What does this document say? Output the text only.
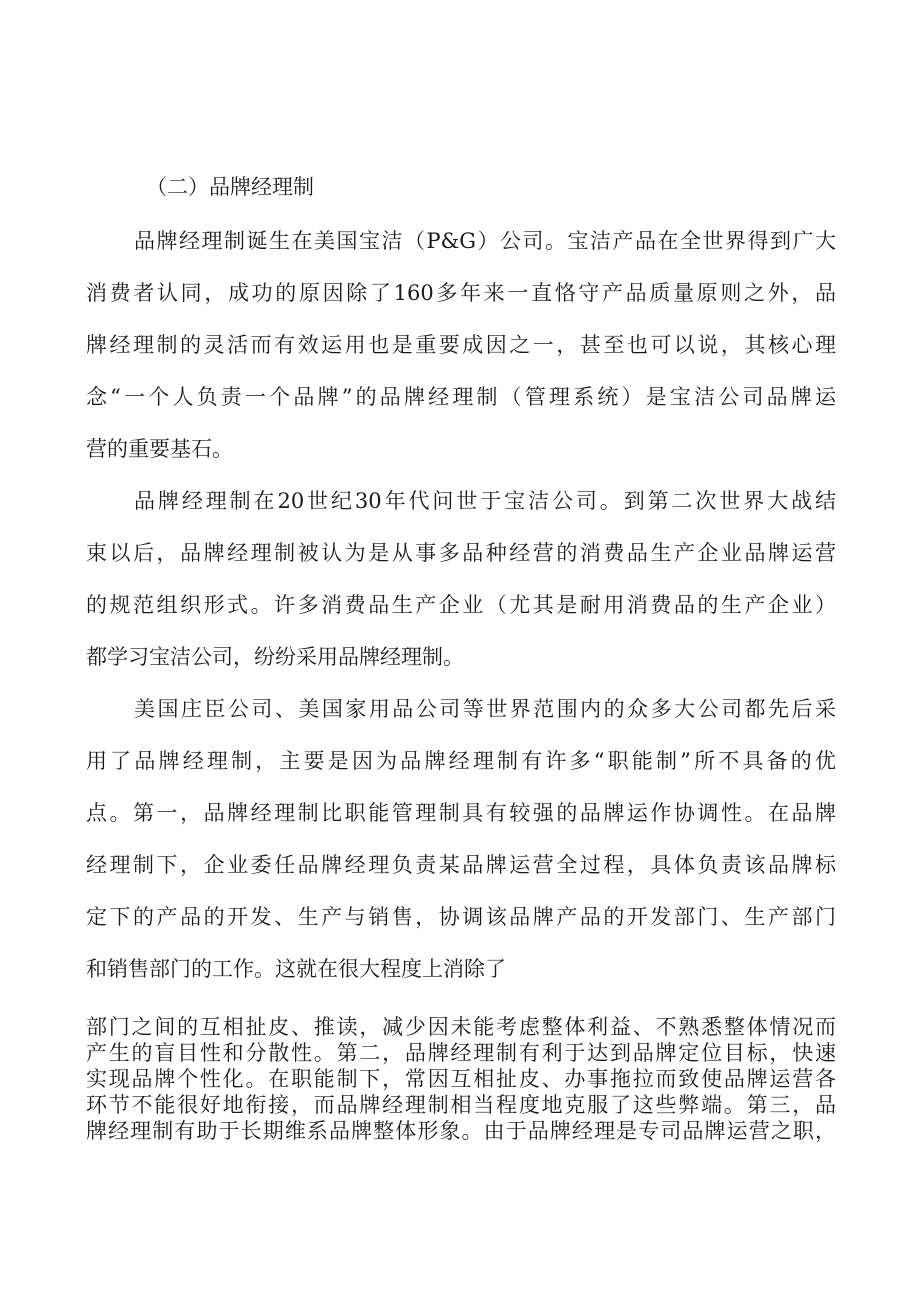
（二）品牌经理制

品牌经理制诞生在美国宝洁（P&G）公司。宝洁产品在全世界得到广大

消费者认同，成功的原因除了160多年来一直恪守产品质量原则之外，品

牌经理制的灵活而有效运用也是重要成因之一，甚至也可以说，其核心理

念“一个人负责一个品牌”的品牌经理制（管理系统）是宝洁公司品牌运

营的重要基石。

品牌经理制在20世纪30年代问世于宝洁公司。到第二次世界大战结

束以后，品牌经理制被认为是从事多品种经营的消费品生产企业品牌运营

的规范组织形式。许多消费品生产企业（尤其是耐用消费品的生产企业）

都学习宝洁公司，纷纷采用品牌经理制。

美国庄臣公司、美国家用品公司等世界范围内的众多大公司都先后采

用了品牌经理制，主要是因为品牌经理制有许多“职能制”所不具备的优

点。第一，品牌经理制比职能管理制具有较强的品牌运作协调性。在品牌

经理制下，企业委任品牌经理负责某品牌运营全过程，具体负责该品牌标

定下的产品的开发、生产与销售，协调该品牌产品的开发部门、生产部门

和销售部门的工作。这就在很大程度上消除了

部门之间的互相扯皮、推读，减少因未能考虑整体利益、不熟悉整体情况而

产生的盲目性和分散性。第二，品牌经理制有利于达到品牌定位目标，快速

实现品牌个性化。在职能制下，常因互相扯皮、办事拖拉而致使品牌运营各

环节不能很好地衔接，而品牌经理制相当程度地克服了这些弊端。第三，品

牌经理制有助于长期维系品牌整体形象。由于品牌经理是专司品牌运营之职，
